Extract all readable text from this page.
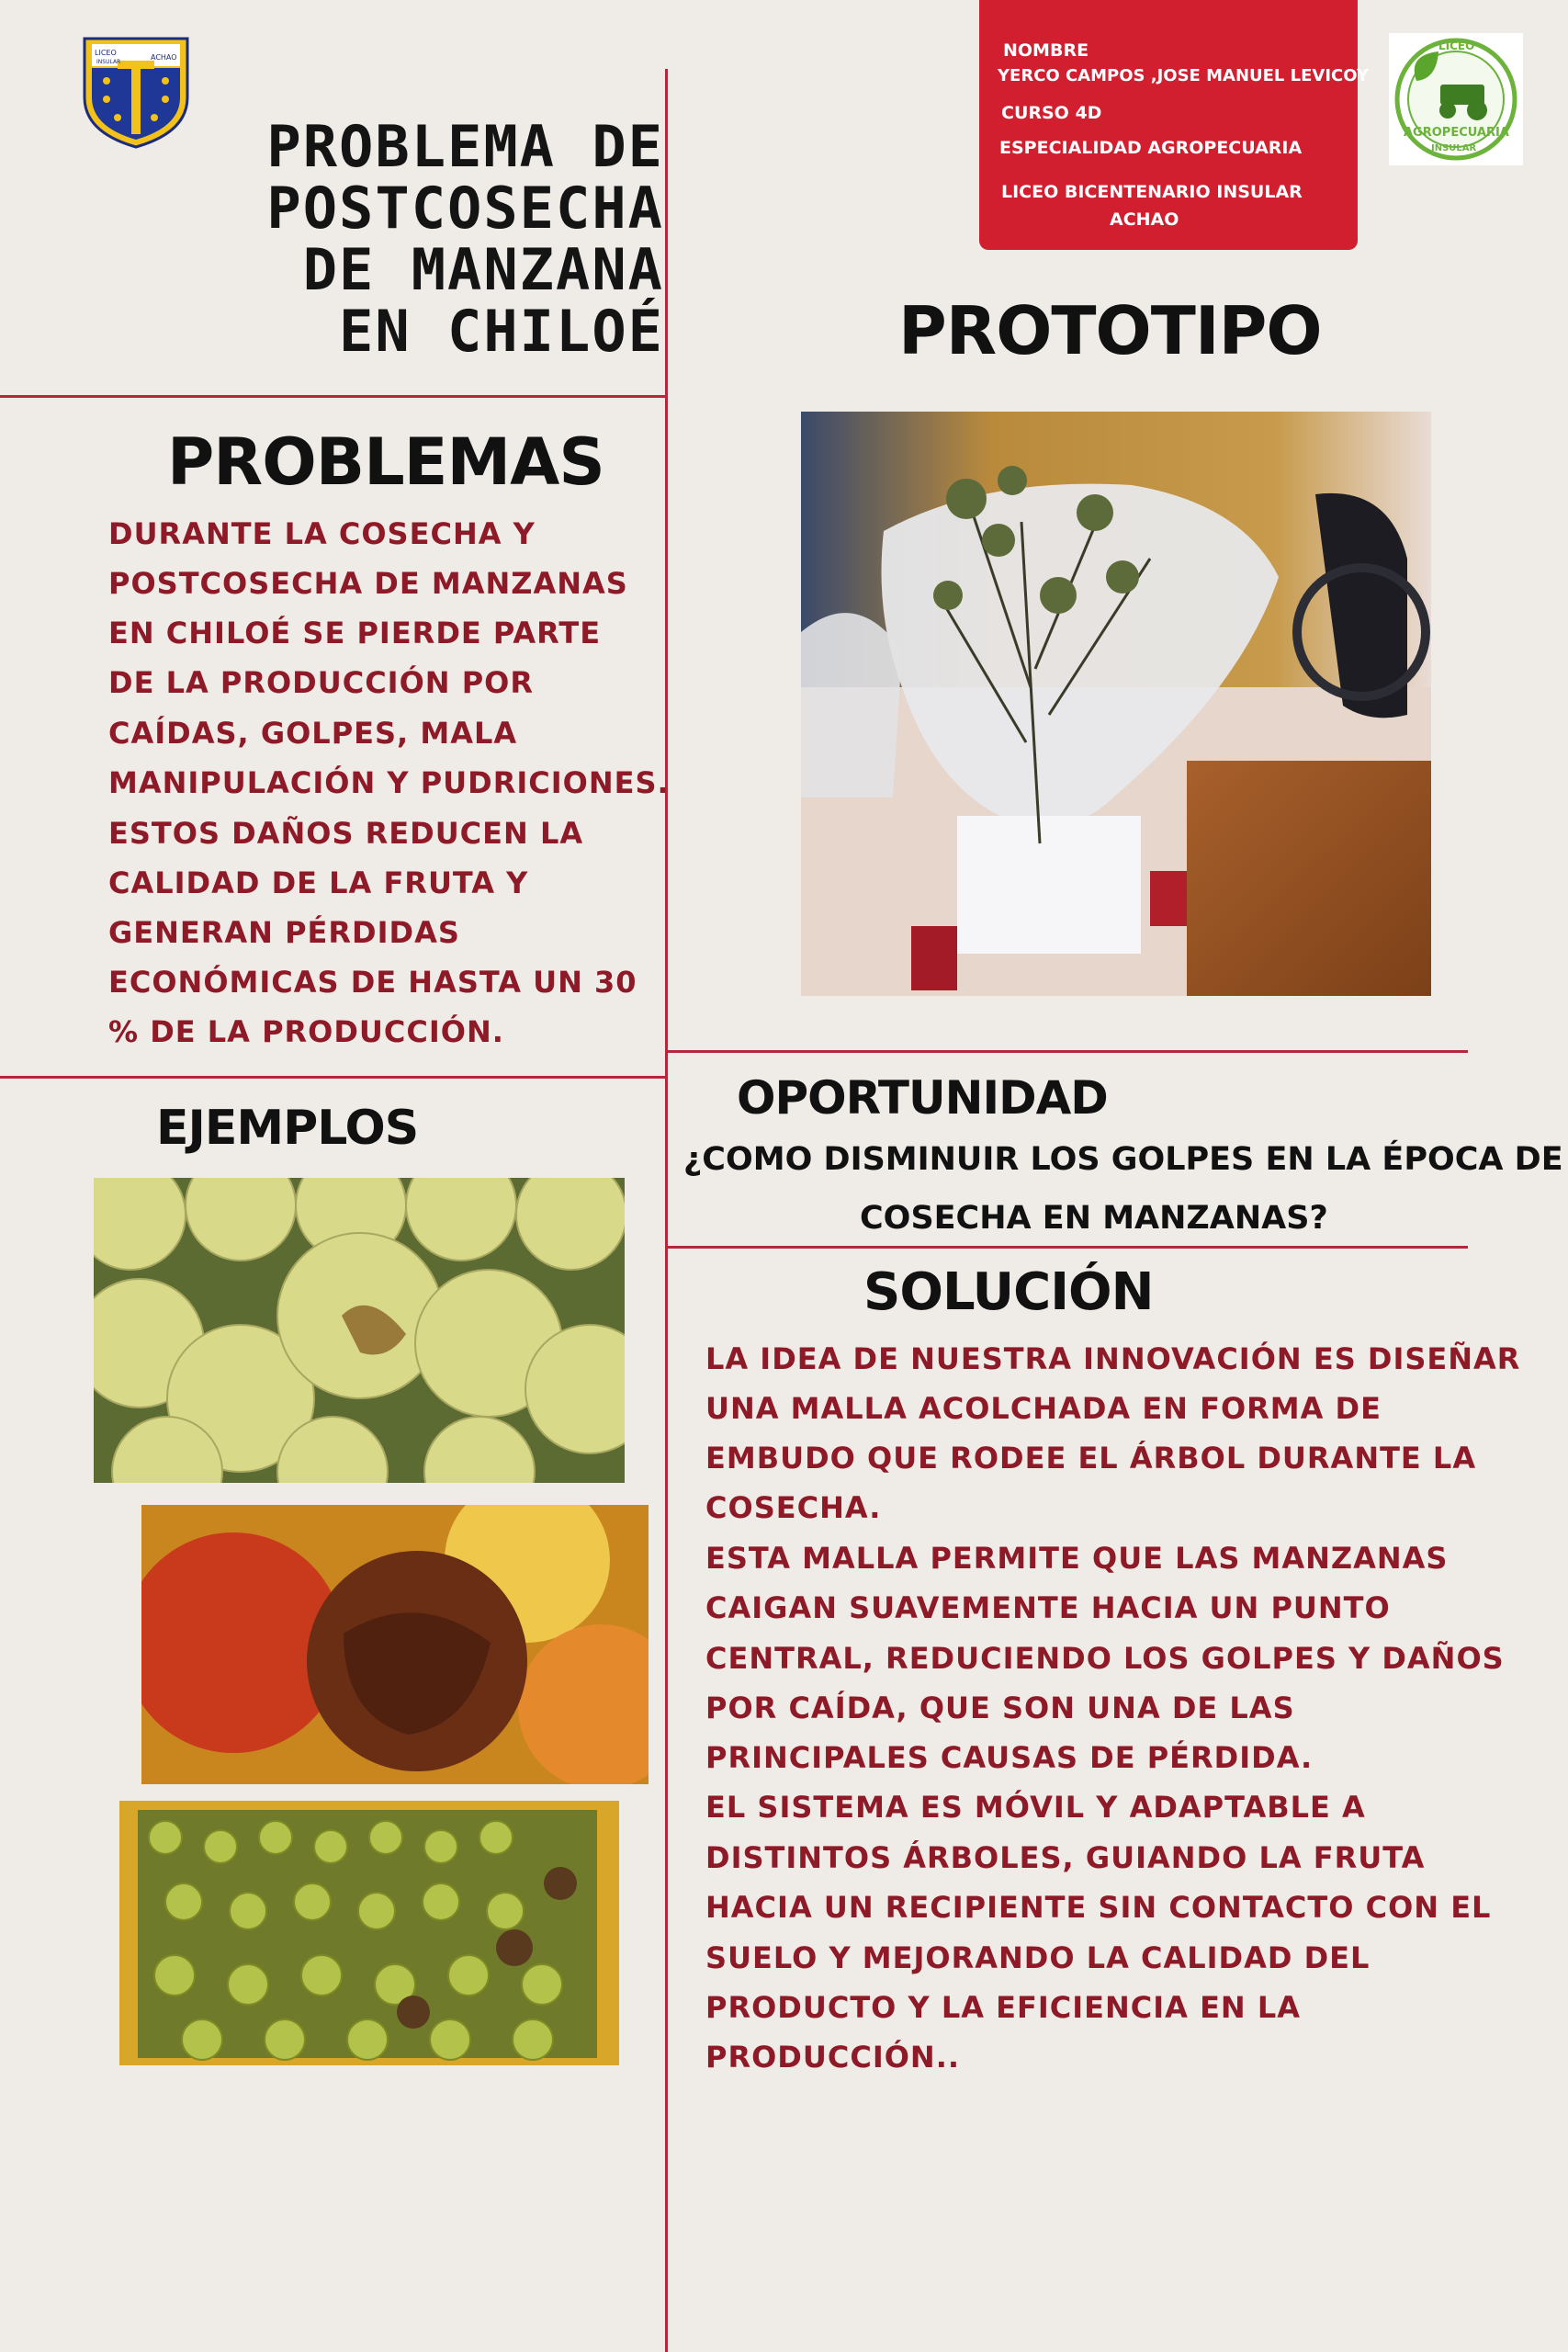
LICEO
INSULAR
ACHAO
PROBLEMA DE
POSTCOSECHA
DE MANZANA
EN CHILOÉ
NOMBRE
YERCO CAMPOS ,JOSE MANUEL LEVICOY
CURSO 4D
ESPECIALIDAD AGROPECUARIA
LICEO BICENTENARIO INSULAR
ACHAO
LICEO
AGROPECUARIA
INSULAR
PROTOTIPO
PROBLEMAS

DURANTE LA COSECHA Y

POSTCOSECHA DE MANZANAS

EN CHILOÉ SE PIERDE PARTE

DE LA PRODUCCIÓN POR

CAÍDAS, GOLPES, MALA

MANIPULACIÓN Y PUDRICIONES.

ESTOS DAÑOS REDUCEN LA

CALIDAD DE LA FRUTA Y

GENERAN PÉRDIDAS

ECONÓMICAS DE HASTA UN 30

% DE LA PRODUCCIÓN.

EJEMPLOS
OPORTUNIDAD

¿COMO DISMINUIR LOS GOLPES EN LA ÉPOCA DE

COSECHA EN MANZANAS?

SOLUCIÓN

LA IDEA DE NUESTRA INNOVACIÓN ES DISEÑAR

UNA MALLA ACOLCHADA EN FORMA DE

EMBUDO QUE RODEE EL ÁRBOL DURANTE LA

COSECHA.

ESTA MALLA PERMITE QUE LAS MANZANAS

CAIGAN SUAVEMENTE HACIA UN PUNTO

CENTRAL, REDUCIENDO LOS GOLPES Y DAÑOS

POR CAÍDA, QUE SON UNA DE LAS

PRINCIPALES CAUSAS DE PÉRDIDA.

EL SISTEMA ES MÓVIL Y ADAPTABLE A

DISTINTOS ÁRBOLES, GUIANDO LA FRUTA

HACIA UN RECIPIENTE SIN CONTACTO CON EL

SUELO Y MEJORANDO LA CALIDAD DEL

PRODUCTO Y LA EFICIENCIA EN LA

PRODUCCIÓN..
